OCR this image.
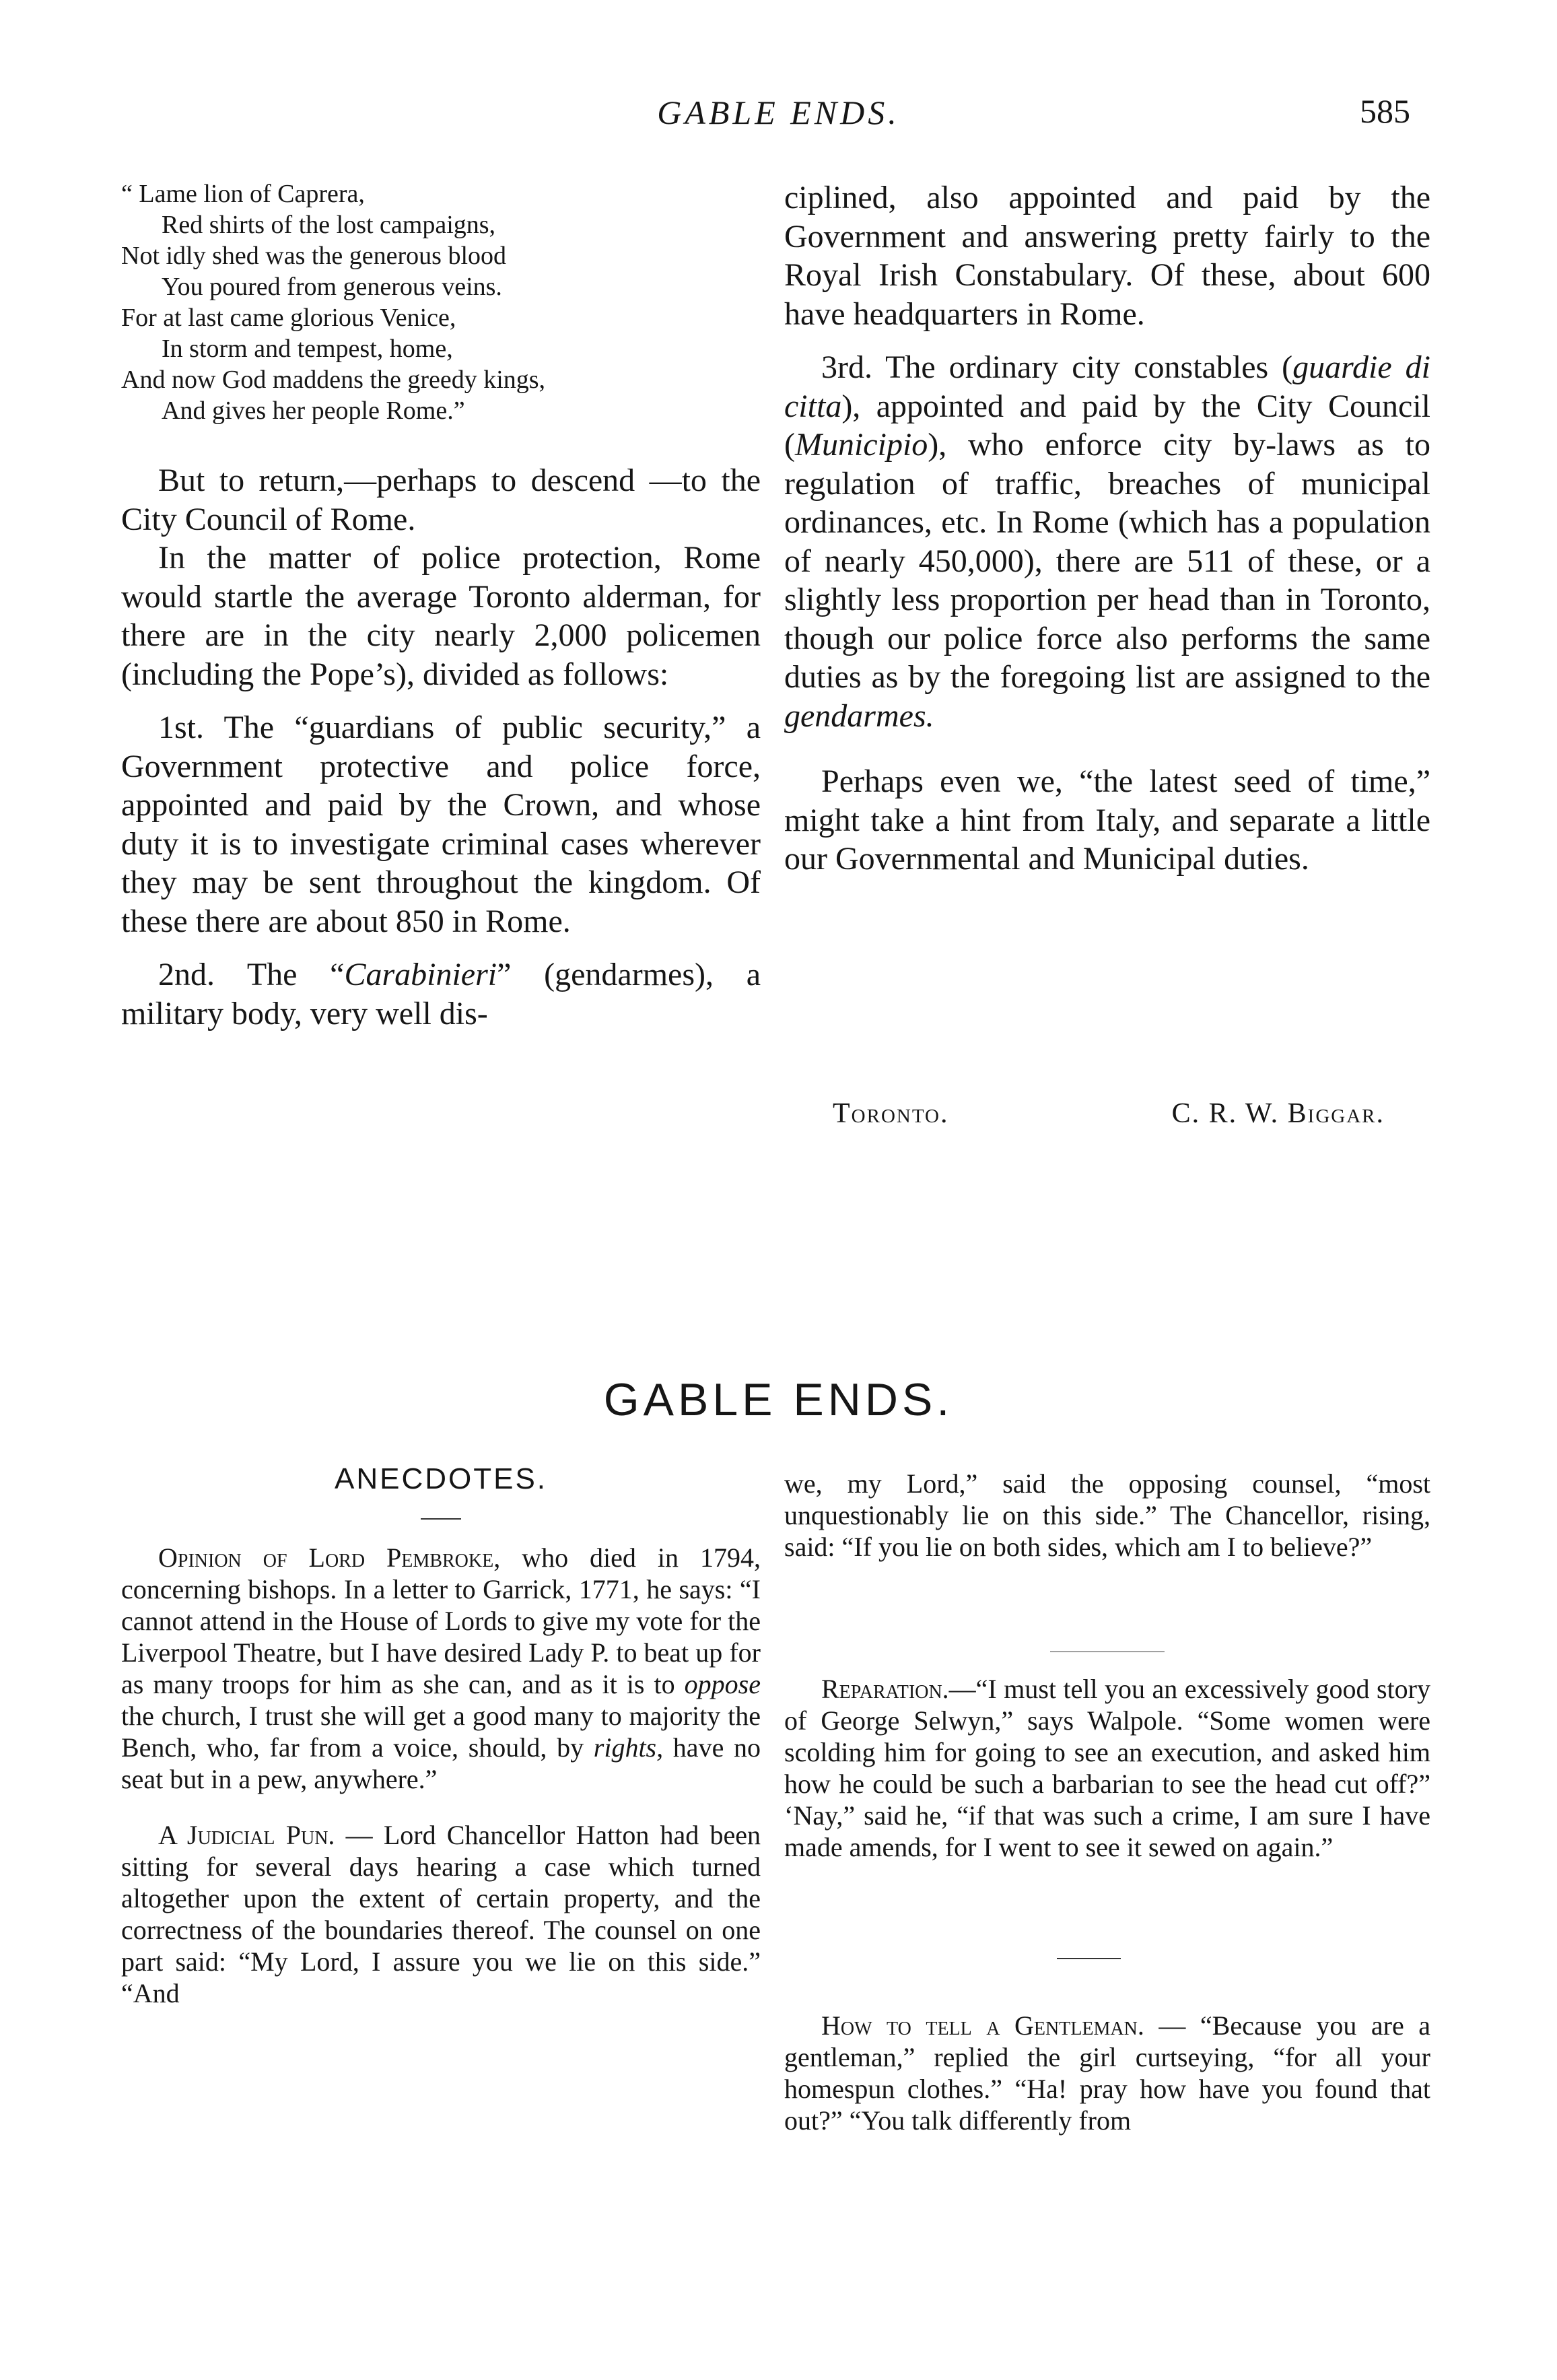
GABLE ENDS.	585
“ Lame lion of Caprera,
Red shirts of the lost campaigns,
Not idly shed was the generous blood
You poured from generous veins.
For at last came glorious Venice,
In storm and tempest, home,
And now God maddens the greedy kings,
And gives her people Rome.”

But to return,—perhaps to descend —to the City Council of Rome.

In the matter of police protection, Rome would startle the average Toronto alderman, for there are in the city nearly 2,000 policemen (including the Pope’s), divided as follows:

1st. The “guardians of public security,” a Government protective and police force, appointed and paid by the Crown, and whose duty it is to investigate criminal cases wherever they may be sent throughout the kingdom. Of these there are about 850 in Rome.

2nd. The “Carabinieri” (gendarmes), a military body, very well dis-

ciplined, also appointed and paid by the Government and answering pretty fairly to the Royal Irish Constabulary. Of these, about 600 have headquarters in Rome.

3rd. The ordinary city constables (guardie di citta), appointed and paid by the City Council (Municipio), who enforce city by-laws as to regulation of traffic, breaches of municipal ordinances, etc. In Rome (which has a population of nearly 450,000), there are 511 of these, or a slightly less proportion per head than in Toronto, though our police force also performs the same duties as by the foregoing list are assigned to the gendarmes.

Perhaps even we, “the latest seed of time,” might take a hint from Italy, and separate a little our Governmental and Municipal duties.

Toronto.	C. R. W. Biggar.
GABLE ENDS.
ANECDOTES.

Opinion of Lord Pembroke, who died in 1794, concerning bishops. In a letter to Garrick, 1771, he says: “I cannot attend in the House of Lords to give my vote for the Liverpool Theatre, but I have desired Lady P. to beat up for as many troops for him as she can, and as it is to oppose the church, I trust she will get a good many to majority the Bench, who, far from a voice, should, by rights, have no seat but in a pew, anywhere.”

A Judicial Pun. — Lord Chancellor Hatton had been sitting for several days hearing a case which turned altogether upon the extent of certain property, and the correctness of the boundaries thereof. The counsel on one part said: “My Lord, I assure you we lie on this side.” “And

we, my Lord,” said the opposing counsel, “most unquestionably lie on this side.” The Chancellor, rising, said: “If you lie on both sides, which am I to believe?”

Reparation.—“I must tell you an excessively good story of George Selwyn,” says Walpole. “Some women were scolding him for going to see an execution, and asked him how he could be such a barbarian to see the head cut off?” ‘Nay,” said he, “if that was such a crime, I am sure I have made amends, for I went to see it sewed on again.”

How to tell a Gentleman. — “Because you are a gentleman,” replied the girl curtseying, “for all your homespun clothes.” “Ha! pray how have you found that out?” “You talk differently from
